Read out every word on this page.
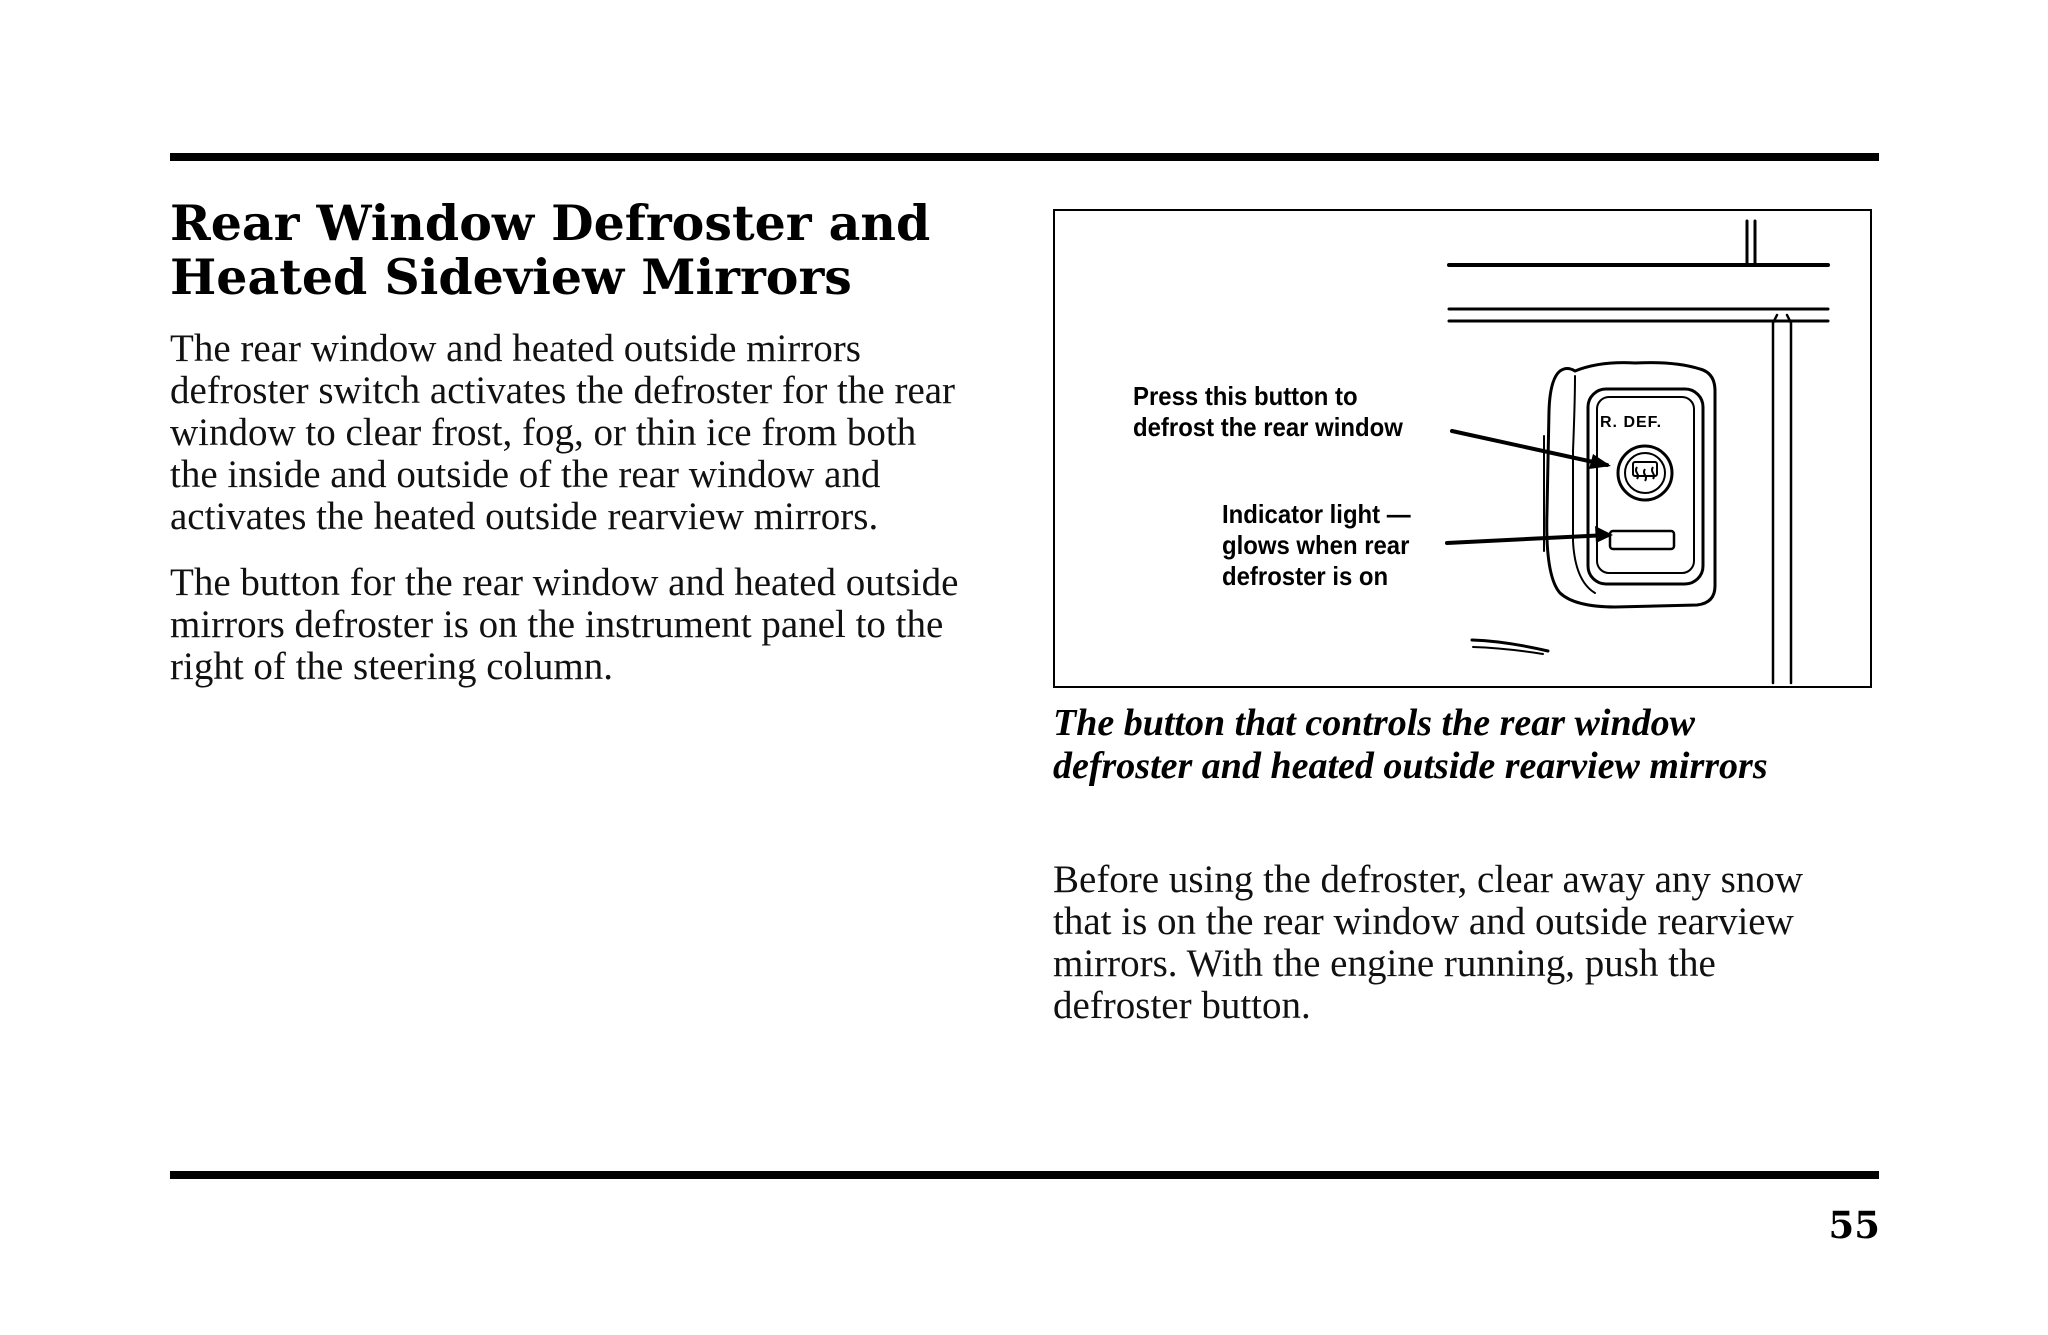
Rear Window Defroster and
Heated Sideview Mirrors

The rear window and heated outside mirrors
defroster switch activates the defroster for the rear
window to clear frost, fog, or thin ice from both
the inside and outside of the rear window and
activates the heated outside rearview mirrors.

The button for the rear window and heated outside
mirrors defroster is on the instrument panel to the
right of the steering column.

R. DEF.
Press this button to
defrost the rear window
Indicator light —
glows when rear
defroster is on
The button that controls the rear window
defroster and heated outside rearview mirrors

Before using the defroster, clear away any snow
that is on the rear window and outside rearview
mirrors. With the engine running, push the
defroster button.

55
